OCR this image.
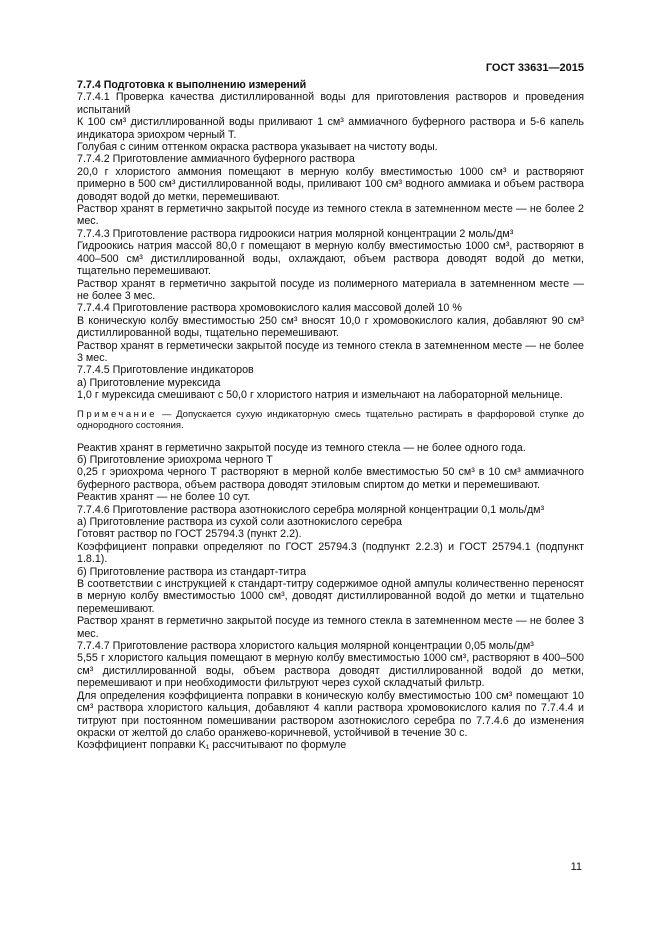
ГОСТ 33631—2015

7.7.4 Подготовка к выполнению измерений

7.7.4.1 Проверка качества дистиллированной воды для приготовления растворов и проведения испытаний

К 100 см³ дистиллированной воды приливают 1 см³ аммиачного буферного раствора и 5-6 капель индикатора эриохром черный Т.

Голубая с синим оттенком окраска раствора указывает на чистоту воды.

7.7.4.2 Приготовление аммиачного буферного раствора

20,0 г хлористого аммония помещают в мерную колбу вместимостью 1000 см³ и растворяют примерно в 500 см³ дистиллированной воды, приливают 100 см³ водного аммиака и объем раствора доводят водой до метки, перемешивают.

Раствор хранят в герметично закрытой посуде из темного стекла в затемненном месте — не более 2 мес.

7.7.4.3 Приготовление раствора гидроокиси натрия молярной концентрации 2 моль/дм³

Гидроокись натрия массой 80,0 г помещают в мерную колбу вместимостью 1000 см³, растворяют в 400–500 см³ дистиллированной воды, охлаждают, объем раствора доводят водой до метки, тщательно перемешивают.

Раствор хранят в герметично закрытой посуде из полимерного материала в затемненном месте — не более 3 мес.

7.7.4.4 Приготовление раствора хромовокислого калия массовой долей 10 %

В коническую колбу вместимостью 250 см³ вносят 10,0 г хромовокислого калия, добавляют 90 см³ дистиллированной воды, тщательно перемешивают.

Раствор хранят в герметически закрытой посуде из темного стекла в затемненном месте — не более 3 мес.

7.7.4.5 Приготовление индикаторов

а) Приготовление мурексида

1,0 г мурексида смешивают с 50,0 г хлористого натрия и измельчают на лабораторной мельнице.

Примечание — Допускается сухую индикаторную смесь тщательно растирать в фарфоровой ступке до однородного состояния.

Реактив хранят в герметично закрытой посуде из темного стекла — не более одного года.

б) Приготовление эриохрома черного Т

0,25 г эриохрома черного Т растворяют в мерной колбе вместимостью 50 см³ в 10 см³ аммиачного буферного раствора, объем раствора доводят этиловым спиртом до метки и перемешивают.

Реактив хранят — не более 10 сут.

7.7.4.6 Приготовление раствора азотнокислого серебра молярной концентрации 0,1 моль/дм³

а) Приготовление раствора из сухой соли азотнокислого серебра

Готовят раствор по ГОСТ 25794.3 (пункт 2.2).

Коэффициент поправки определяют по ГОСТ 25794.3 (подпункт 2.2.3) и ГОСТ 25794.1 (подпункт 1.8.1).

б) Приготовление раствора из стандарт-титра

В соответствии с инструкцией к стандарт-титру содержимое одной ампулы количественно переносят в мерную колбу вместимостью 1000 см³, доводят дистиллированной водой до метки и тщательно перемешивают.

Раствор хранят в герметично закрытой посуде из темного стекла в затемненном месте — не более 3 мес.

7.7.4.7 Приготовление раствора хлористого кальция молярной концентрации 0,05 моль/дм³

5,55 г хлористого кальция помещают в мерную колбу вместимостью 1000 см³, растворяют в 400–500 см³ дистиллированной воды, объем раствора доводят дистиллированной водой до метки, перемешивают и при необходимости фильтруют через сухой складчатый фильтр.

Для определения коэффициента поправки в коническую колбу вместимостью 100 см³ помещают 10 см³ раствора хлористого кальция, добавляют 4 капли раствора хромовокислого калия по 7.7.4.4 и титруют при постоянном помешивании раствором азотнокислого серебра по 7.7.4.6 до изменения окраски от желтой до слабо оранжево-коричневой, устойчивой в течение 30 с.

Коэффициент поправки K₁ рассчитывают по формуле

11
